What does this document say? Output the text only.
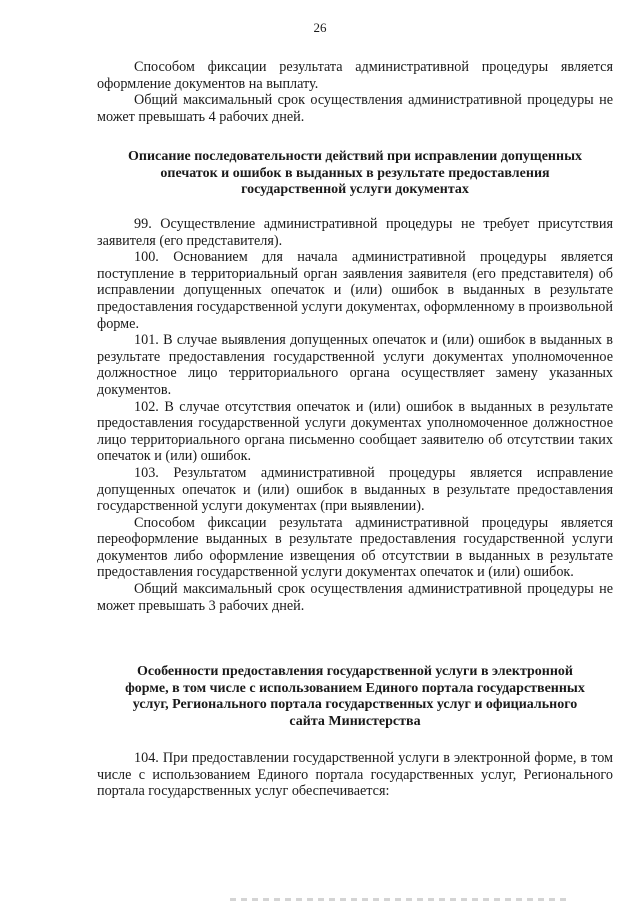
26

Способом фиксации результата административной процедуры является оформление документов на выплату.

Общий максимальный срок осуществления административной процедуры не может превышать 4 рабочих дней.

Описание последовательности действий при исправлении допущенных
опечаток и ошибок в выданных в результате предоставления
государственной услуги документах

99. Осуществление административной процедуры не требует присутствия заявителя (его представителя).

100. Основанием для начала административной процедуры является поступление в территориальный орган заявления заявителя (его представителя) об исправлении допущенных опечаток и (или) ошибок в выданных в результате предоставления государственной услуги документах, оформленному в произвольной форме.

101. В случае выявления допущенных опечаток и (или) ошибок в выданных в результате предоставления государственной услуги документах уполномоченное должностное лицо территориального органа осуществляет замену указанных документов.

102. В случае отсутствия опечаток и (или) ошибок в выданных в результате предоставления государственной услуги документах уполномоченное должностное лицо территориального органа письменно сообщает заявителю об отсутствии таких опечаток и (или) ошибок.

103. Результатом административной процедуры является исправление допущенных опечаток и (или) ошибок в выданных в результате предоставления государственной услуги документах (при выявлении).

Способом фиксации результата административной процедуры является переоформление выданных в результате предоставления государственной услуги документов либо оформление извещения об отсутствии в выданных в результате предоставления государственной услуги документах опечаток и (или) ошибок.

Общий максимальный срок осуществления административной процедуры не может превышать 3 рабочих дней.

Особенности предоставления государственной услуги в электронной
форме, в том числе с использованием Единого портала государственных
услуг, Регионального портала государственных услуг и официального
сайта Министерства

104. При предоставлении государственной услуги в электронной форме, в том числе с использованием Единого портала государственных услуг, Регионального портала государственных услуг обеспечивается:
